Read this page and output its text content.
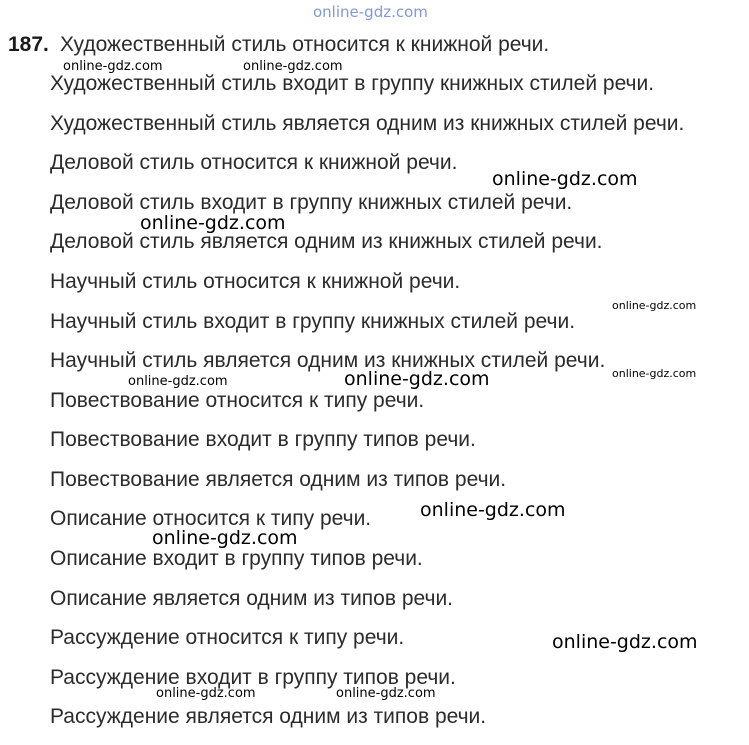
187. Художественный стиль относится к книжной речи.
Художественный стиль входит в группу книжных стилей речи.
Художественный стиль является одним из книжных стилей речи.
Деловой стиль относится к книжной речи.
Деловой стиль входит в группу книжных стилей речи.
Деловой стиль является одним из книжных стилей речи.
Научный стиль относится к книжной речи.
Научный стиль входит в группу книжных стилей речи.
Научный стиль является одним из книжных стилей речи.
Повествование относится к типу речи.
Повествование входит в группу типов речи.
Повествование является одним из типов речи.
Описание относится к типу речи.
Описание входит в группу типов речи.
Описание является одним из типов речи.
Рассуждение относится к типу речи.
Рассуждение входит в группу типов речи.
Рассуждение является одним из типов речи.
online-gdz.com
online-gdz.com	online-gdz.com
online-gdz.com
online-gdz.com
online-gdz.com
online-gdz.com	online-gdz.com
online-gdz.com
online-gdz.com
online-gdz.com
online-gdz.com
online-gdz.com	online-gdz.com
